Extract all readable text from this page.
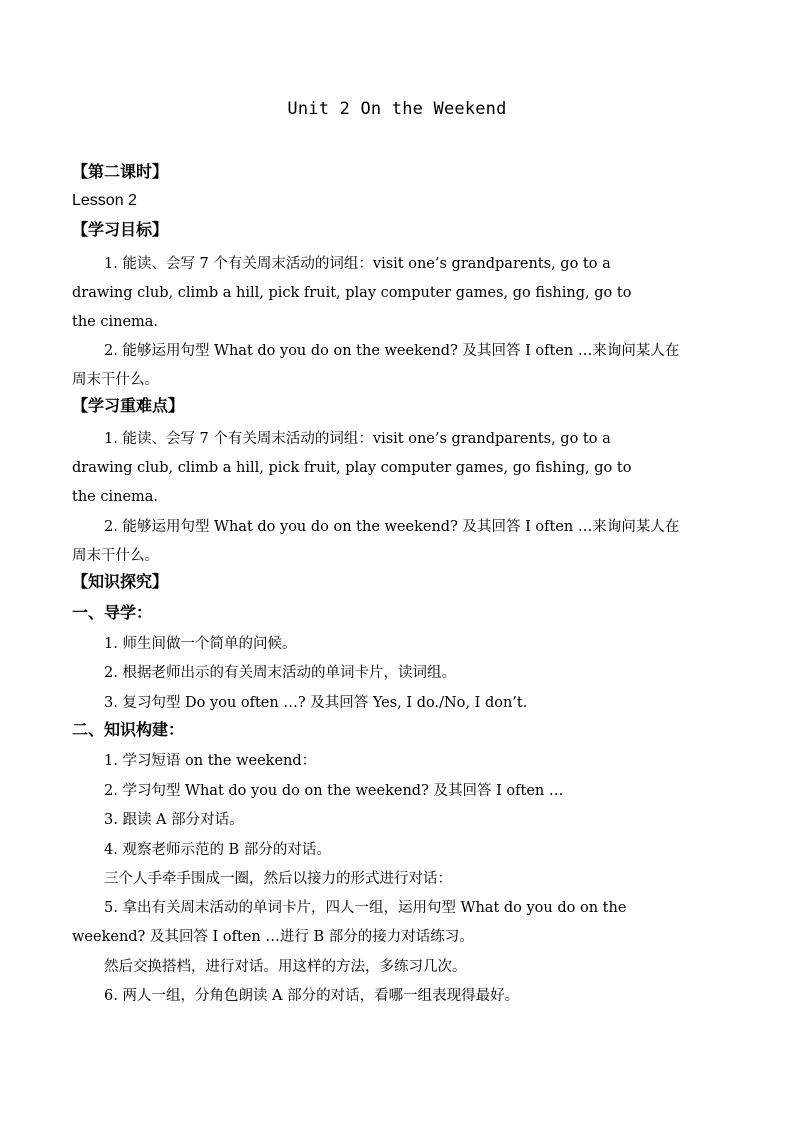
Unit 2 On the Weekend
【第二课时】
Lesson 2
【学习目标】
1. 能读、会写 7 个有关周末活动的词组：visit one’s grandparents, go to a
drawing club, climb a hill, pick fruit, play computer games, go fishing, go to
the cinema.
2. 能够运用句型 What do you do on the weekend? 及其回答 I often …来询问某人在
周末干什么。
【学习重难点】
1. 能读、会写 7 个有关周末活动的词组：visit one’s grandparents, go to a
drawing club, climb a hill, pick fruit, play computer games, go fishing, go to
the cinema.
2. 能够运用句型 What do you do on the weekend? 及其回答 I often …来询问某人在
周末干什么。
【知识探究】
一、导学：
1. 师生间做一个简单的问候。
2. 根据老师出示的有关周末活动的单词卡片，读词组。
3. 复习句型 Do you often …? 及其回答 Yes, I do./No, I don’t.
二、知识构建：
1. 学习短语 on the weekend：
2. 学习句型 What do you do on the weekend? 及其回答 I often …
3. 跟读 A 部分对话。
4. 观察老师示范的 B 部分的对话。
三个人手牵手围成一圈，然后以接力的形式进行对话：
5. 拿出有关周末活动的单词卡片，四人一组，运用句型 What do you do on the
weekend? 及其回答 I often …进行 B 部分的接力对话练习。
然后交换搭档，进行对话。用这样的方法，多练习几次。
6. 两人一组，分角色朗读 A 部分的对话，看哪一组表现得最好。
